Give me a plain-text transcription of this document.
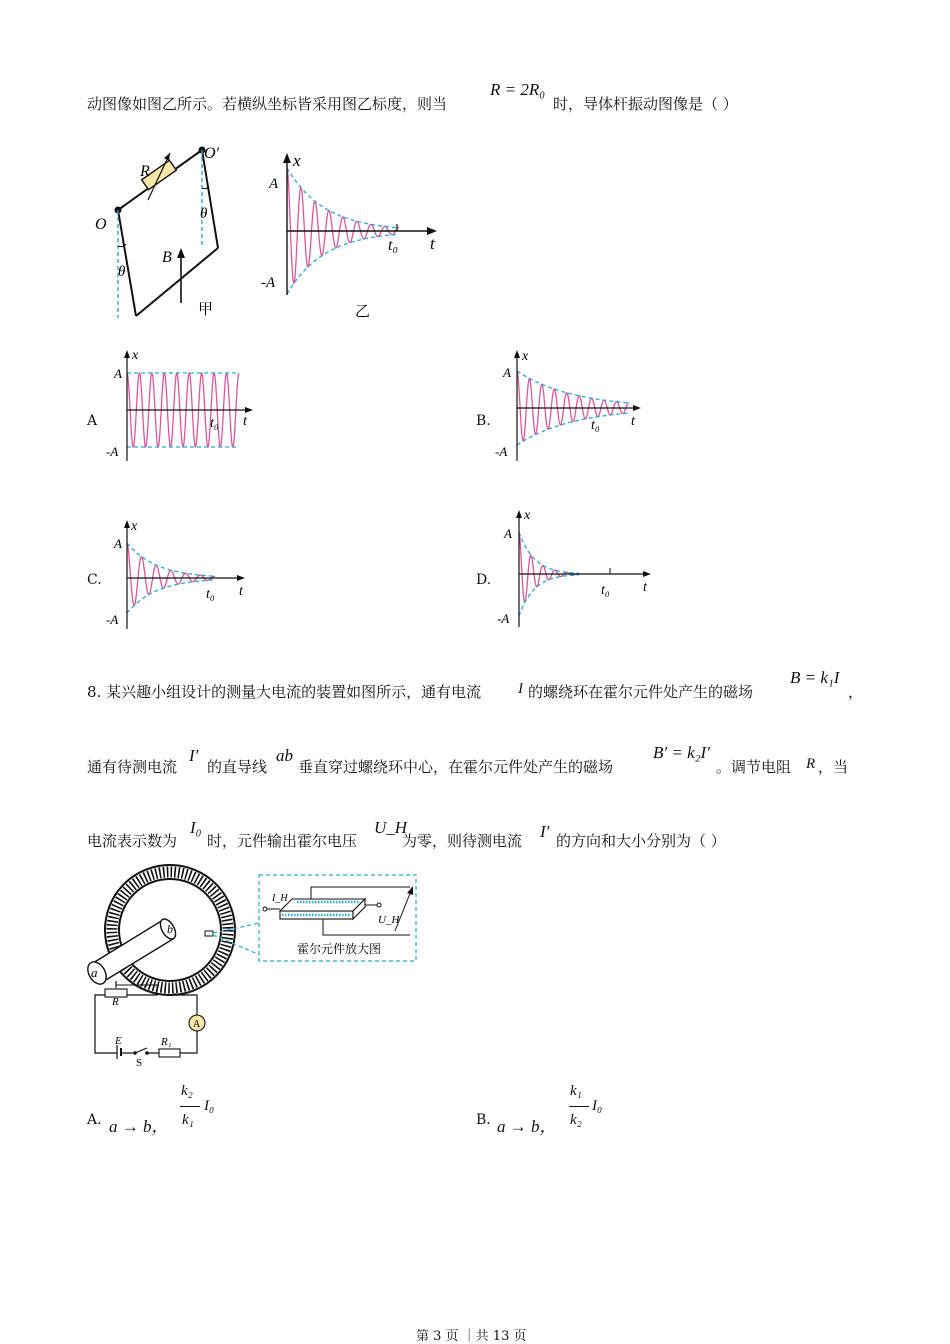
动图像如图乙所示。若横纵坐标皆采用图乙标度，则当
R = 2R₀
时，导体杆振动图像是（ ）
O
O′
R
B
θ
θ
甲
x
A
-A
t₀ t
乙
A
x
A
-A
t₀ t	B.
x
A
-A
t₀ t
C.
x
A
-A
t₀ t
D.
x
A
-A
t₀ t
8. 某兴趣小组设计的测量大电流的装置如图所示，通有电流 I 的螺绕环在霍尔元件处产生的磁场
B = k₁I
，
通有待测电流
I′
的直导线
ab
垂直穿过螺绕环中心，在霍尔元件处产生的磁场
B′ = k₂I′
。调节电阻 R ，当
电流表示数为
I₀
时，元件输出霍尔电压
U_H
为零，则待测电流 I′ 的方向和大小分别为（ ）
a
b
I_H
U_H
霍尔元件放大图
R
E
S
R₁
A
A. a → b，
k₂
k₁
I₀
B. a → b，
k₁
k₂
I₀
第 3 页 ｜共 13 页
